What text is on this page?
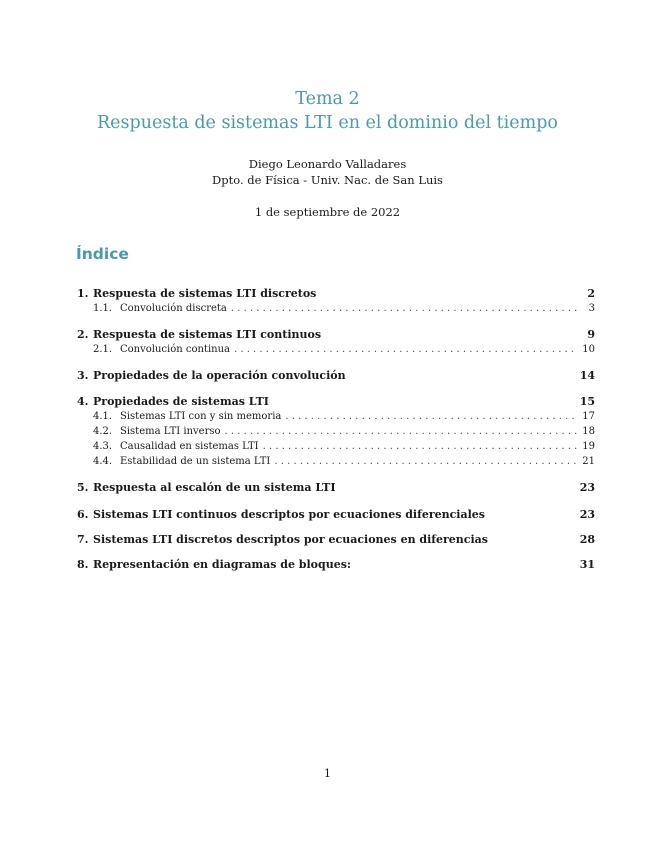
Tema 2
Respuesta de sistemas LTI en el dominio del tiempo
Diego Leonardo Valladares
Dpto. de Física - Univ. Nac. de San Luis
1 de septiembre de 2022
Índice
1. Respuesta de sistemas LTI discretos	2
1.1. Convolución discreta . . .	3
2. Respuesta de sistemas LTI continuos	9
2.1. Convolución continua . . .	10
3. Propiedades de la operación convolución	14
4. Propiedades de sistemas LTI	15
4.1. Sistemas LTI con y sin memoria . . .	17
4.2. Sistema LTI inverso . . .	18
4.3. Causalidad en sistemas LTI . . .	19
4.4. Estabilidad de un sistema LTI . . .	21
5. Respuesta al escalón de un sistema LTI	23
6. Sistemas LTI continuos descriptos por ecuaciones diferenciales	23
7. Sistemas LTI discretos descriptos por ecuaciones en diferencias	28
8. Representación en diagramas de bloques:	31
1
